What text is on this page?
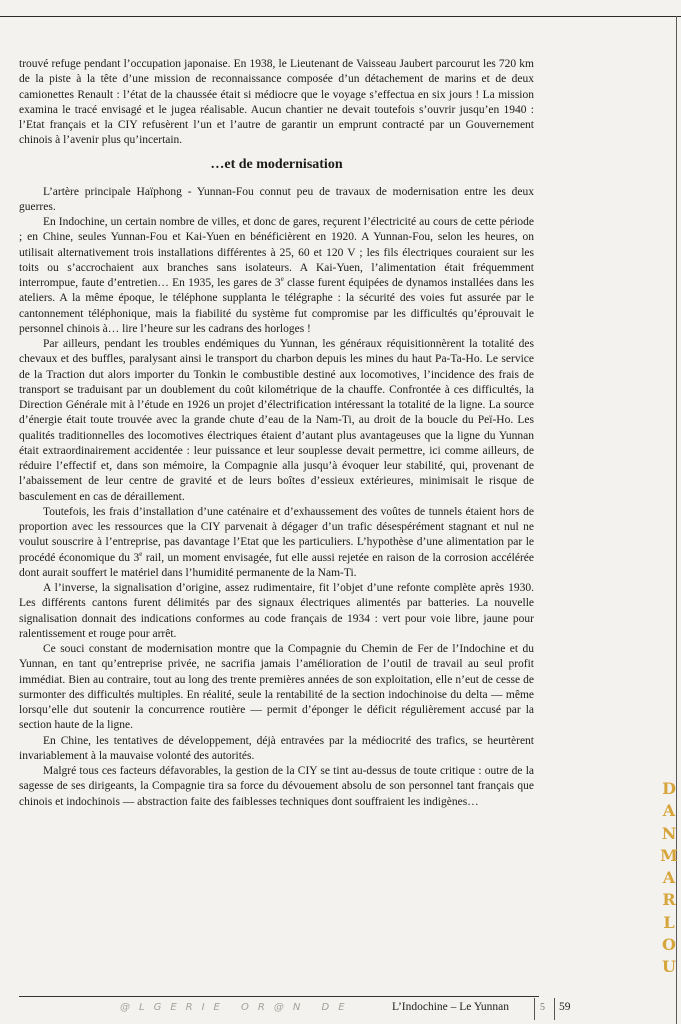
trouvé refuge pendant l’occupation japonaise. En 1938, le Lieutenant de Vaisseau Jaubert parcourut les 720 km de la piste à la tête d’une mission de reconnaissance composée d’un détachement de marins et de deux camionettes Renault : l’état de la chaussée était si médiocre que le voyage s’effectua en six jours ! La mission examina le tracé envisagé et le jugea réalisable. Aucun chantier ne devait toutefois s’ouvrir jusqu’en 1940 : l’Etat français et la CIY refusèrent l’un et l’autre de garantir un emprunt contracté par un Gouvernement chinois à l’avenir plus qu’incertain.

…et de modernisation

L’artère principale Haïphong - Yunnan-Fou connut peu de travaux de modernisation entre les deux guerres.

En Indochine, un certain nombre de villes, et donc de gares, reçurent l’électricité au cours de cette période ; en Chine, seules Yunnan-Fou et Kai-Yuen en bénéficièrent en 1920. A Yunnan-Fou, selon les heures, on utilisait alternativement trois installations différentes à 25, 60 et 120 V ; les fils électriques couraient sur les toits ou s’accrochaient aux branches sans isolateurs. A Kai-Yuen, l’alimentation était fréquemment interrompue, faute d’entretien… En 1935, les gares de 3e classe furent équipées de dynamos installées dans les ateliers. A la même époque, le téléphone supplanta le télégraphe : la sécurité des voies fut assurée par le cantonnement téléphonique, mais la fiabilité du système fut compromise par les difficultés qu’éprouvait le personnel chinois à… lire l’heure sur les cadrans des horloges !

Par ailleurs, pendant les troubles endémiques du Yunnan, les généraux réquisitionnèrent la totalité des chevaux et des buffles, paralysant ainsi le transport du charbon depuis les mines du haut Pa-Ta-Ho. Le service de la Traction dut alors importer du Tonkin le combustible destiné aux locomotives, l’incidence des frais de transport se traduisant par un doublement du coût kilométrique de la chauffe. Confrontée à ces difficultés, la Direction Générale mit à l’étude en 1926 un projet d’électrification intéressant la totalité de la ligne. La source d’énergie était toute trouvée avec la grande chute d’eau de la Nam-Ti, au droit de la boucle du Peï-Ho. Les qualités traditionnelles des locomotives électriques étaient d’autant plus avantageuses que la ligne du Yunnan était extraordinairement accidentée : leur puissance et leur souplesse devait permettre, ici comme ailleurs, de réduire l’effectif et, dans son mémoire, la Compagnie alla jusqu’à évoquer leur stabilité, qui, provenant de l’abaissement de leur centre de gravité et de leurs boîtes d’essieux extérieures, minimisait le risque de basculement en cas de déraillement.

Toutefois, les frais d’installation d’une caténaire et d’exhaussement des voûtes de tunnels étaient hors de proportion avec les ressources que la CIY parvenait à dégager d’un trafic désespérément stagnant et nul ne voulut souscrire à l’entreprise, pas davantage l’Etat que les particuliers. L’hypothèse d’une alimentation par le procédé économique du 3e rail, un moment envisagée, fut elle aussi rejetée en raison de la corrosion accélérée dont aurait souffert le matériel dans l’humidité permanente de la Nam-Ti.

A l’inverse, la signalisation d’origine, assez rudimentaire, fit l’objet d’une refonte complète après 1930. Les différents cantons furent délimités par des signaux électriques alimentés par batteries. La nouvelle signalisation donnait des indications conformes au code français de 1934 : vert pour voie libre, jaune pour ralentissement et rouge pour arrêt.

Ce souci constant de modernisation montre que la Compagnie du Chemin de Fer de l’Indochine et du Yunnan, en tant qu’entreprise privée, ne sacrifia jamais l’amélioration de l’outil de travail au seul profit immédiat. Bien au contraire, tout au long des trente premières années de son exploitation, elle n’eut de cesse de surmonter des difficultés multiples. En réalité, seule la rentabilité de la section indochinoise du delta — même lorsqu’elle dut soutenir la concurrence routière — permit d’éponger le déficit régulièrement accusé par la section haute de la ligne.

En Chine, les tentatives de développement, déjà entravées par la médiocrité des trafics, se heurtèrent invariablement à la mauvaise volonté des autorités.

Malgré tous ces facteurs défavorables, la gestion de la CIY se tint au-dessus de toute critique : outre de la sagesse de ses dirigeants, la Compagnie tira sa force du dévouement absolu de son personnel tant français que chinois et indochinois — abstraction faite des faiblesses techniques dont souffraient les indigènes…

@LGERIE OR@N DE	L’Indochine – Le Yunnan	5 59
D
A
N
M
A
R
L
O
U
